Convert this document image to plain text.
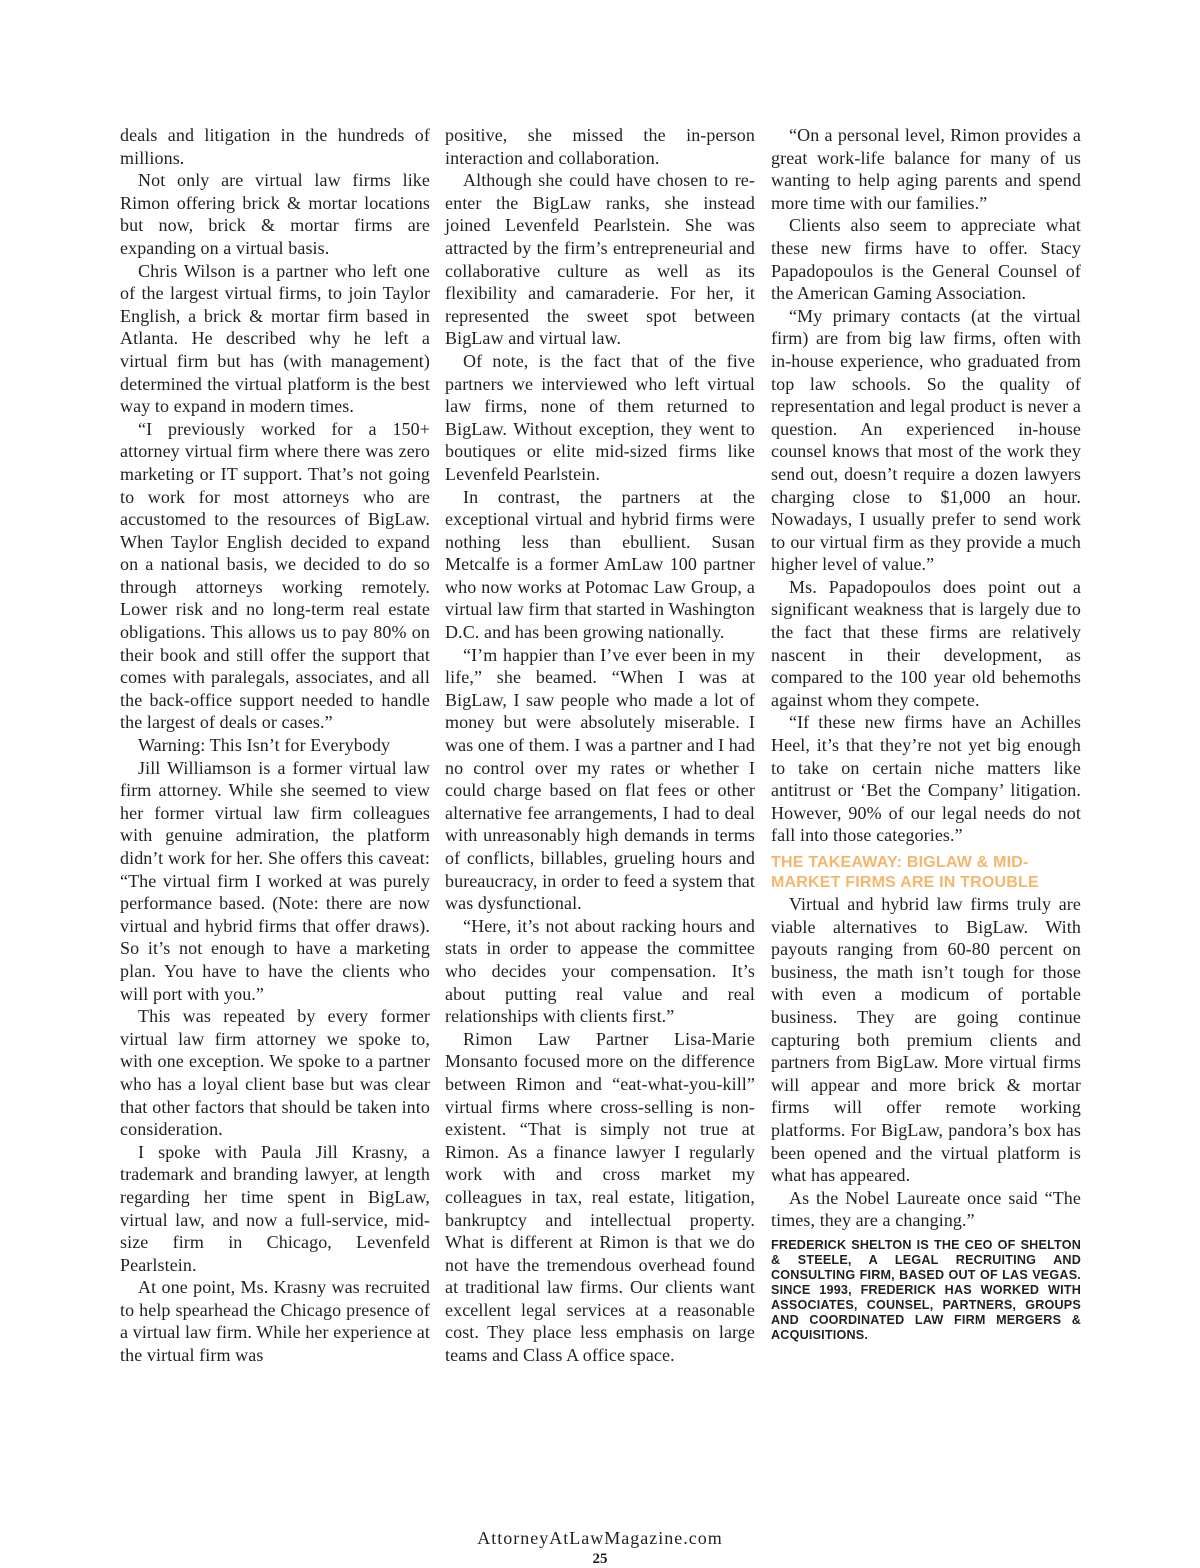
deals and litigation in the hundreds of millions.

Not only are virtual law firms like Rimon offering brick & mortar locations but now, brick & mortar firms are expanding on a virtual basis.

Chris Wilson is a partner who left one of the largest virtual firms, to join Taylor English, a brick & mortar firm based in Atlanta. He described why he left a virtual firm but has (with management) determined the virtual platform is the best way to expand in modern times.

“I previously worked for a 150+ attorney virtual firm where there was zero marketing or IT support. That’s not going to work for most attorneys who are accustomed to the resources of BigLaw. When Taylor English decided to expand on a national basis, we decided to do so through attorneys working remotely. Lower risk and no long-term real estate obligations. This allows us to pay 80% on their book and still offer the support that comes with paralegals, associates, and all the back-office support needed to handle the largest of deals or cases.”

Warning: This Isn’t for Everybody

Jill Williamson is a former virtual law firm attorney. While she seemed to view her former virtual law firm colleagues with genuine admiration, the platform didn’t work for her. She offers this caveat: “The virtual firm I worked at was purely performance based. (Note: there are now virtual and hybrid firms that offer draws). So it’s not enough to have a marketing plan. You have to have the clients who will port with you.”

This was repeated by every former virtual law firm attorney we spoke to, with one exception. We spoke to a partner who has a loyal client base but was clear that other factors that should be taken into consideration.

I spoke with Paula Jill Krasny, a trademark and branding lawyer, at length regarding her time spent in BigLaw, virtual law, and now a full-service, mid-size firm in Chicago, Levenfeld Pearlstein.

At one point, Ms. Krasny was recruited to help spearhead the Chicago presence of a virtual law firm. While her experience at the virtual firm was

positive, she missed the in-person interaction and collaboration.

Although she could have chosen to re-enter the BigLaw ranks, she instead joined Levenfeld Pearlstein. She was attracted by the firm’s entrepreneurial and collaborative culture as well as its flexibility and camaraderie. For her, it represented the sweet spot between BigLaw and virtual law.

Of note, is the fact that of the five partners we interviewed who left virtual law firms, none of them returned to BigLaw. Without exception, they went to boutiques or elite mid-sized firms like Levenfeld Pearlstein.

In contrast, the partners at the exceptional virtual and hybrid firms were nothing less than ebullient. Susan Metcalfe is a former AmLaw 100 partner who now works at Potomac Law Group, a virtual law firm that started in Washington D.C. and has been growing nationally.

“I’m happier than I’ve ever been in my life,” she beamed. “When I was at BigLaw, I saw people who made a lot of money but were absolutely miserable. I was one of them. I was a partner and I had no control over my rates or whether I could charge based on flat fees or other alternative fee arrangements, I had to deal with unreasonably high demands in terms of conflicts, billables, grueling hours and bureaucracy, in order to feed a system that was dysfunctional.

“Here, it’s not about racking hours and stats in order to appease the committee who decides your compensation. It’s about putting real value and real relationships with clients first.”

Rimon Law Partner Lisa-Marie Monsanto focused more on the difference between Rimon and “eat-what-you-kill” virtual firms where cross-selling is non-existent. “That is simply not true at Rimon. As a finance lawyer I regularly work with and cross market my colleagues in tax, real estate, litigation, bankruptcy and intellectual property. What is different at Rimon is that we do not have the tremendous overhead found at traditional law firms. Our clients want excellent legal services at a reasonable cost. They place less emphasis on large teams and Class A office space.

“On a personal level, Rimon provides a great work-life balance for many of us wanting to help aging parents and spend more time with our families.”

Clients also seem to appreciate what these new firms have to offer. Stacy Papadopoulos is the General Counsel of the American Gaming Association.

“My primary contacts (at the virtual firm) are from big law firms, often with in-house experience, who graduated from top law schools. So the quality of representation and legal product is never a question. An experienced in-house counsel knows that most of the work they send out, doesn’t require a dozen lawyers charging close to $1,000 an hour. Nowadays, I usually prefer to send work to our virtual firm as they provide a much higher level of value.”

Ms. Papadopoulos does point out a significant weakness that is largely due to the fact that these firms are relatively nascent in their development, as compared to the 100 year old behemoths against whom they compete.

“If these new firms have an Achilles Heel, it’s that they’re not yet big enough to take on certain niche matters like antitrust or ‘Bet the Company’ litigation. However, 90% of our legal needs do not fall into those categories.”

THE TAKEAWAY: BIGLAW & MID-MARKET FIRMS ARE IN TROUBLE

Virtual and hybrid law firms truly are viable alternatives to BigLaw. With payouts ranging from 60-80 percent on business, the math isn’t tough for those with even a modicum of portable business. They are going continue capturing both premium clients and partners from BigLaw. More virtual firms will appear and more brick & mortar firms will offer remote working platforms. For BigLaw, pandora’s box has been opened and the virtual platform is what has appeared.

As the Nobel Laureate once said “The times, they are a changing.”

FREDERICK SHELTON IS THE CEO OF SHELTON & STEELE, A LEGAL RECRUITING AND CONSULTING FIRM, BASED OUT OF LAS VEGAS. SINCE 1993, FREDERICK HAS WORKED WITH ASSOCIATES, COUNSEL, PARTNERS, GROUPS AND COORDINATED LAW FIRM MERGERS & ACQUISITIONS.
AttorneyAtLawMagazine.com
25
